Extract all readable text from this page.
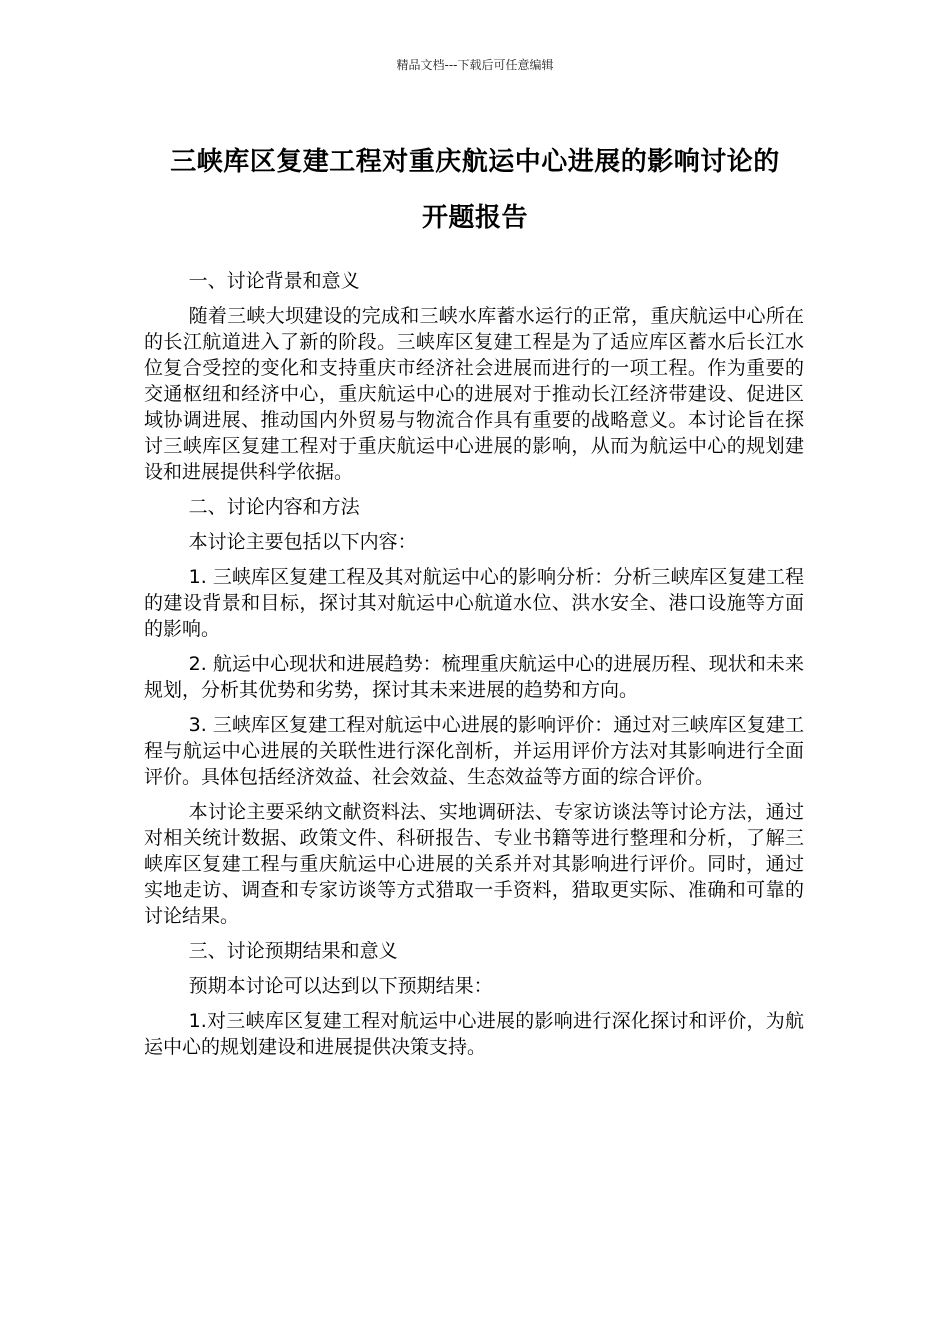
精品文档---下载后可任意编辑
三峡库区复建工程对重庆航运中心进展的影响讨论的
开题报告

一、讨论背景和意义

随着三峡大坝建设的完成和三峡水库蓄水运行的正常，重庆航运中心所在的长江航道进入了新的阶段。三峡库区复建工程是为了适应库区蓄水后长江水位复合受控的变化和支持重庆市经济社会进展而进行的一项工程。作为重要的交通枢纽和经济中心，重庆航运中心的进展对于推动长江经济带建设、促进区域协调进展、推动国内外贸易与物流合作具有重要的战略意义。本讨论旨在探讨三峡库区复建工程对于重庆航运中心进展的影响，从而为航运中心的规划建设和进展提供科学依据。

二、讨论内容和方法

本讨论主要包括以下内容：

1. 三峡库区复建工程及其对航运中心的影响分析：分析三峡库区复建工程的建设背景和目标，探讨其对航运中心航道水位、洪水安全、港口设施等方面的影响。

2. 航运中心现状和进展趋势：梳理重庆航运中心的进展历程、现状和未来规划，分析其优势和劣势，探讨其未来进展的趋势和方向。

3. 三峡库区复建工程对航运中心进展的影响评价：通过对三峡库区复建工程与航运中心进展的关联性进行深化剖析，并运用评价方法对其影响进行全面评价。具体包括经济效益、社会效益、生态效益等方面的综合评价。

本讨论主要采纳文献资料法、实地调研法、专家访谈法等讨论方法，通过对相关统计数据、政策文件、科研报告、专业书籍等进行整理和分析，了解三峡库区复建工程与重庆航运中心进展的关系并对其影响进行评价。同时，通过实地走访、调查和专家访谈等方式猎取一手资料，猎取更实际、准确和可靠的讨论结果。

三、讨论预期结果和意义

预期本讨论可以达到以下预期结果：

1.对三峡库区复建工程对航运中心进展的影响进行深化探讨和评价，为航运中心的规划建设和进展提供决策支持。
